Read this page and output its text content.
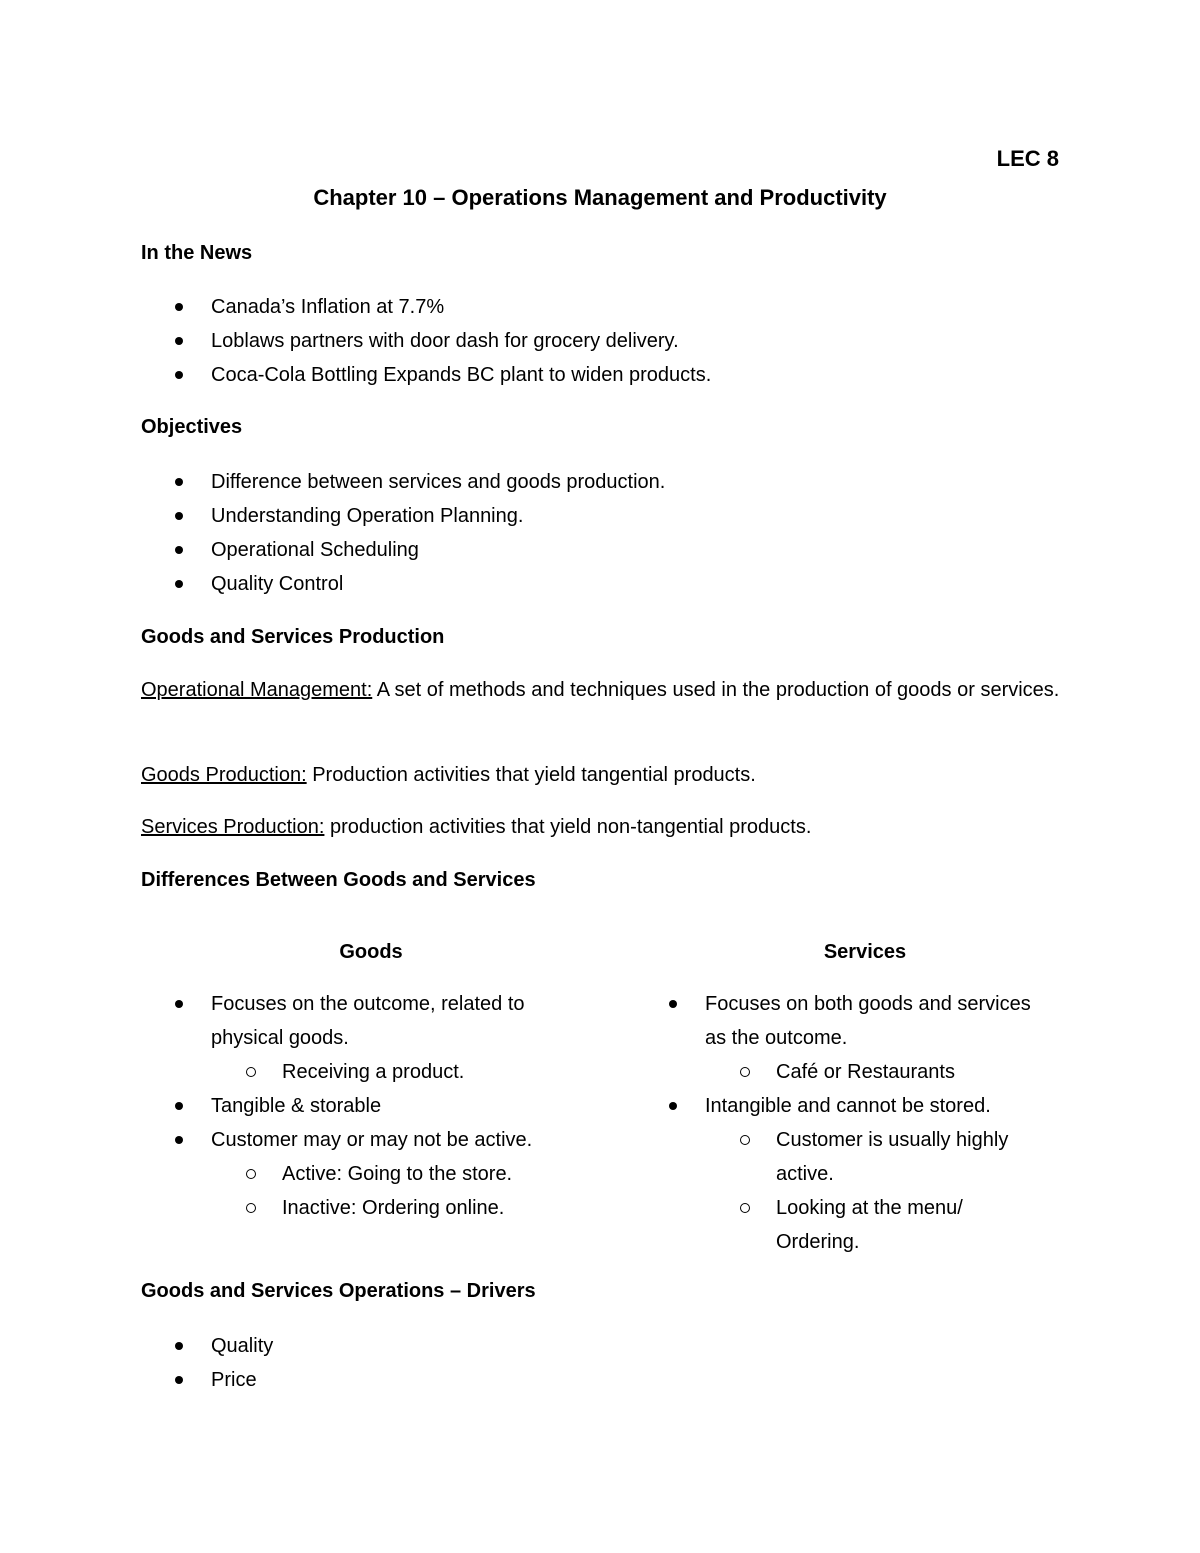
LEC 8
Chapter 10 – Operations Management and Productivity
In the News
Canada’s Inflation at 7.7%
Loblaws partners with door dash for grocery delivery.
Coca-Cola Bottling Expands BC plant to widen products.
Objectives
Difference between services and goods production.
Understanding Operation Planning.
Operational Scheduling
Quality Control
Goods and Services Production
Operational Management: A set of methods and techniques used in the production of goods or services.
Goods Production: Production activities that yield tangential products.
Services Production: production activities that yield non-tangential products.
Differences Between Goods and Services
Goods
Focuses on the outcome, related to
physical goods.
Receiving a product.
Tangible & storable
Customer may or may not be active.
Active: Going to the store.
Inactive: Ordering online.
Services
Focuses on both goods and services
as the outcome.
Café or Restaurants
Intangible and cannot be stored.
Customer is usually highly
active.
Looking at the menu/
Ordering.
Goods and Services Operations – Drivers
Quality
Price
